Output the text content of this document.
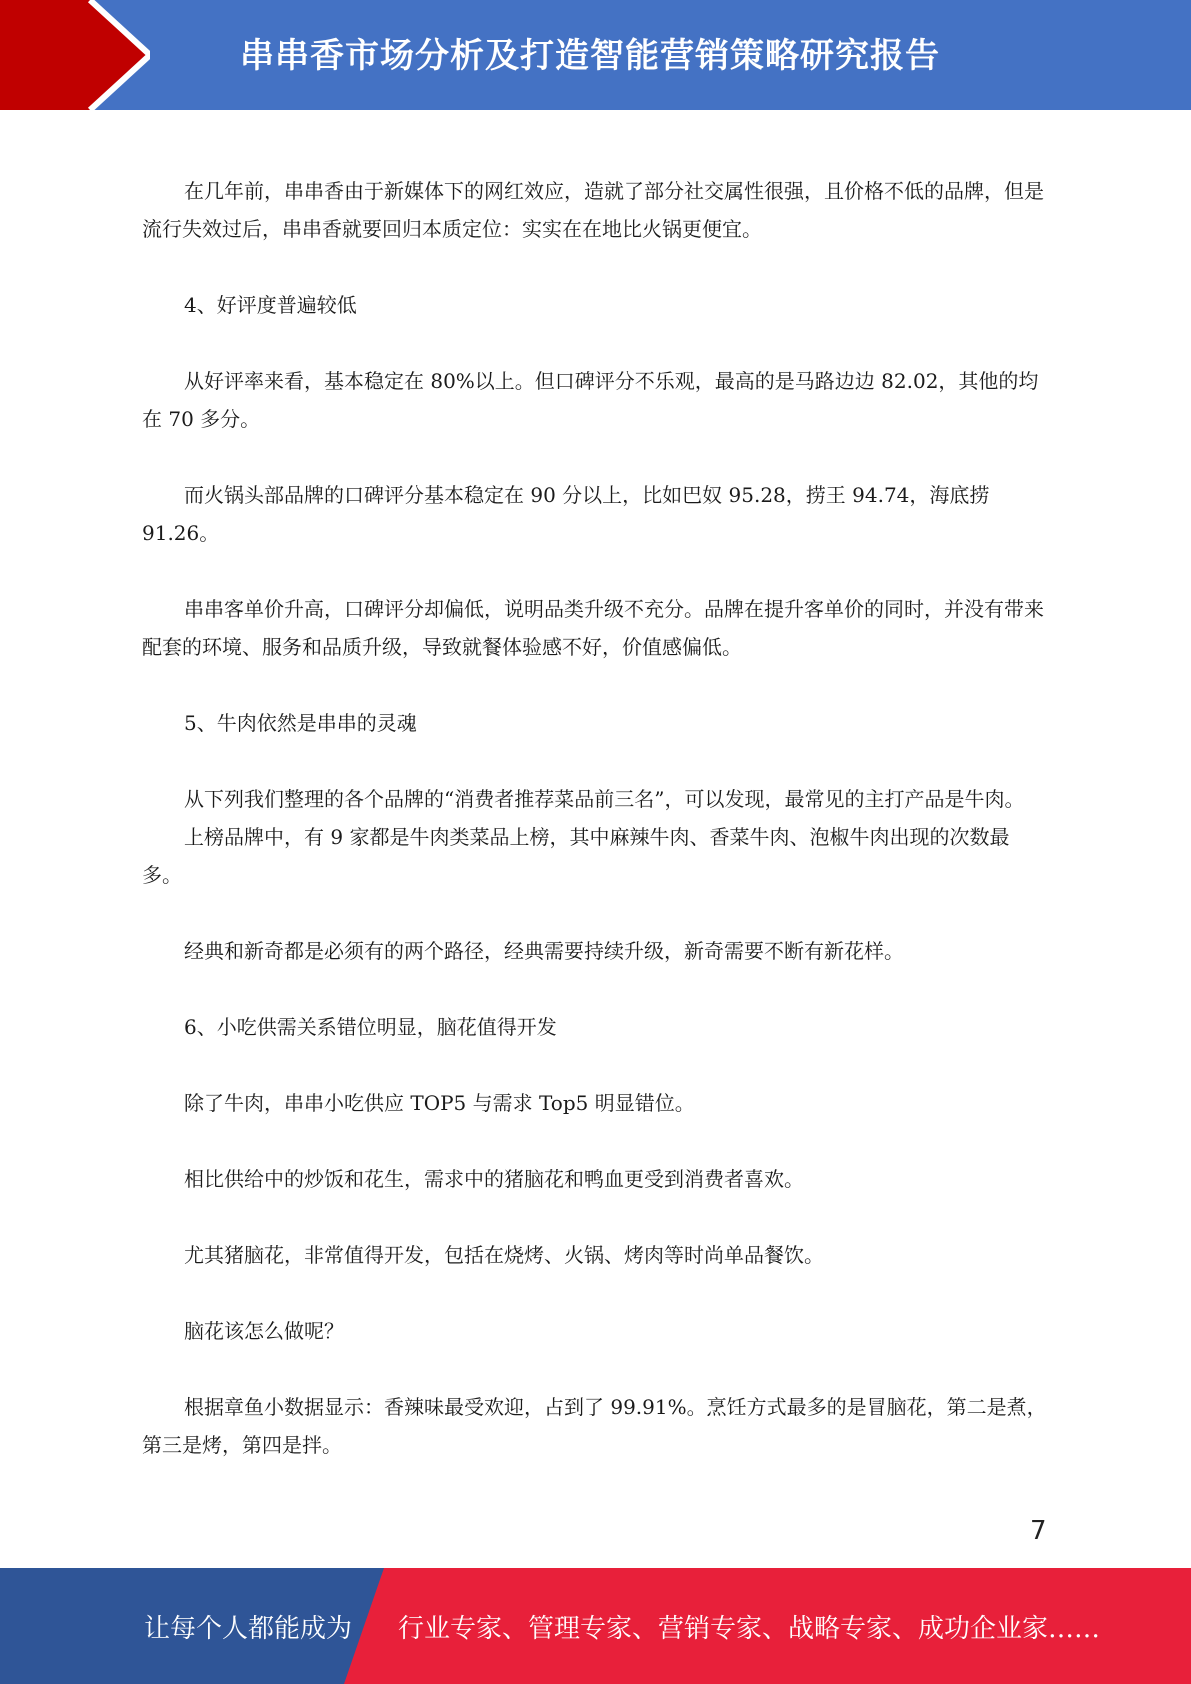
串串香市场分析及打造智能营销策略研究报告

在几年前，串串香由于新媒体下的网红效应，造就了部分社交属性很强，且价格不低的品牌，但是流行失效过后，串串香就要回归本质定位：实实在在地比火锅更便宜。

4、好评度普遍较低

从好评率来看，基本稳定在 80%以上。但口碑评分不乐观，最高的是马路边边 82.02，其他的均在 70 多分。

而火锅头部品牌的口碑评分基本稳定在 90 分以上，比如巴奴 95.28，捞王 94.74，海底捞 91.26。

串串客单价升高，口碑评分却偏低，说明品类升级不充分。品牌在提升客单价的同时，并没有带来配套的环境、服务和品质升级，导致就餐体验感不好，价值感偏低。

5、牛肉依然是串串的灵魂

从下列我们整理的各个品牌的“消费者推荐菜品前三名”，可以发现，最常见的主打产品是牛肉。

上榜品牌中，有 9 家都是牛肉类菜品上榜，其中麻辣牛肉、香菜牛肉、泡椒牛肉出现的次数最多。

经典和新奇都是必须有的两个路径，经典需要持续升级，新奇需要不断有新花样。

6、小吃供需关系错位明显，脑花值得开发

除了牛肉，串串小吃供应 TOP5 与需求 Top5 明显错位。

相比供给中的炒饭和花生，需求中的猪脑花和鸭血更受到消费者喜欢。

尤其猪脑花，非常值得开发，包括在烧烤、火锅、烤肉等时尚单品餐饮。

脑花该怎么做呢？

根据章鱼小数据显示：香辣味最受欢迎，占到了 99.91%。烹饪方式最多的是冒脑花，第二是煮，第三是烤，第四是拌。

7
让每个人都能成为 行业专家、管理专家、营销专家、战略专家、成功企业家……
